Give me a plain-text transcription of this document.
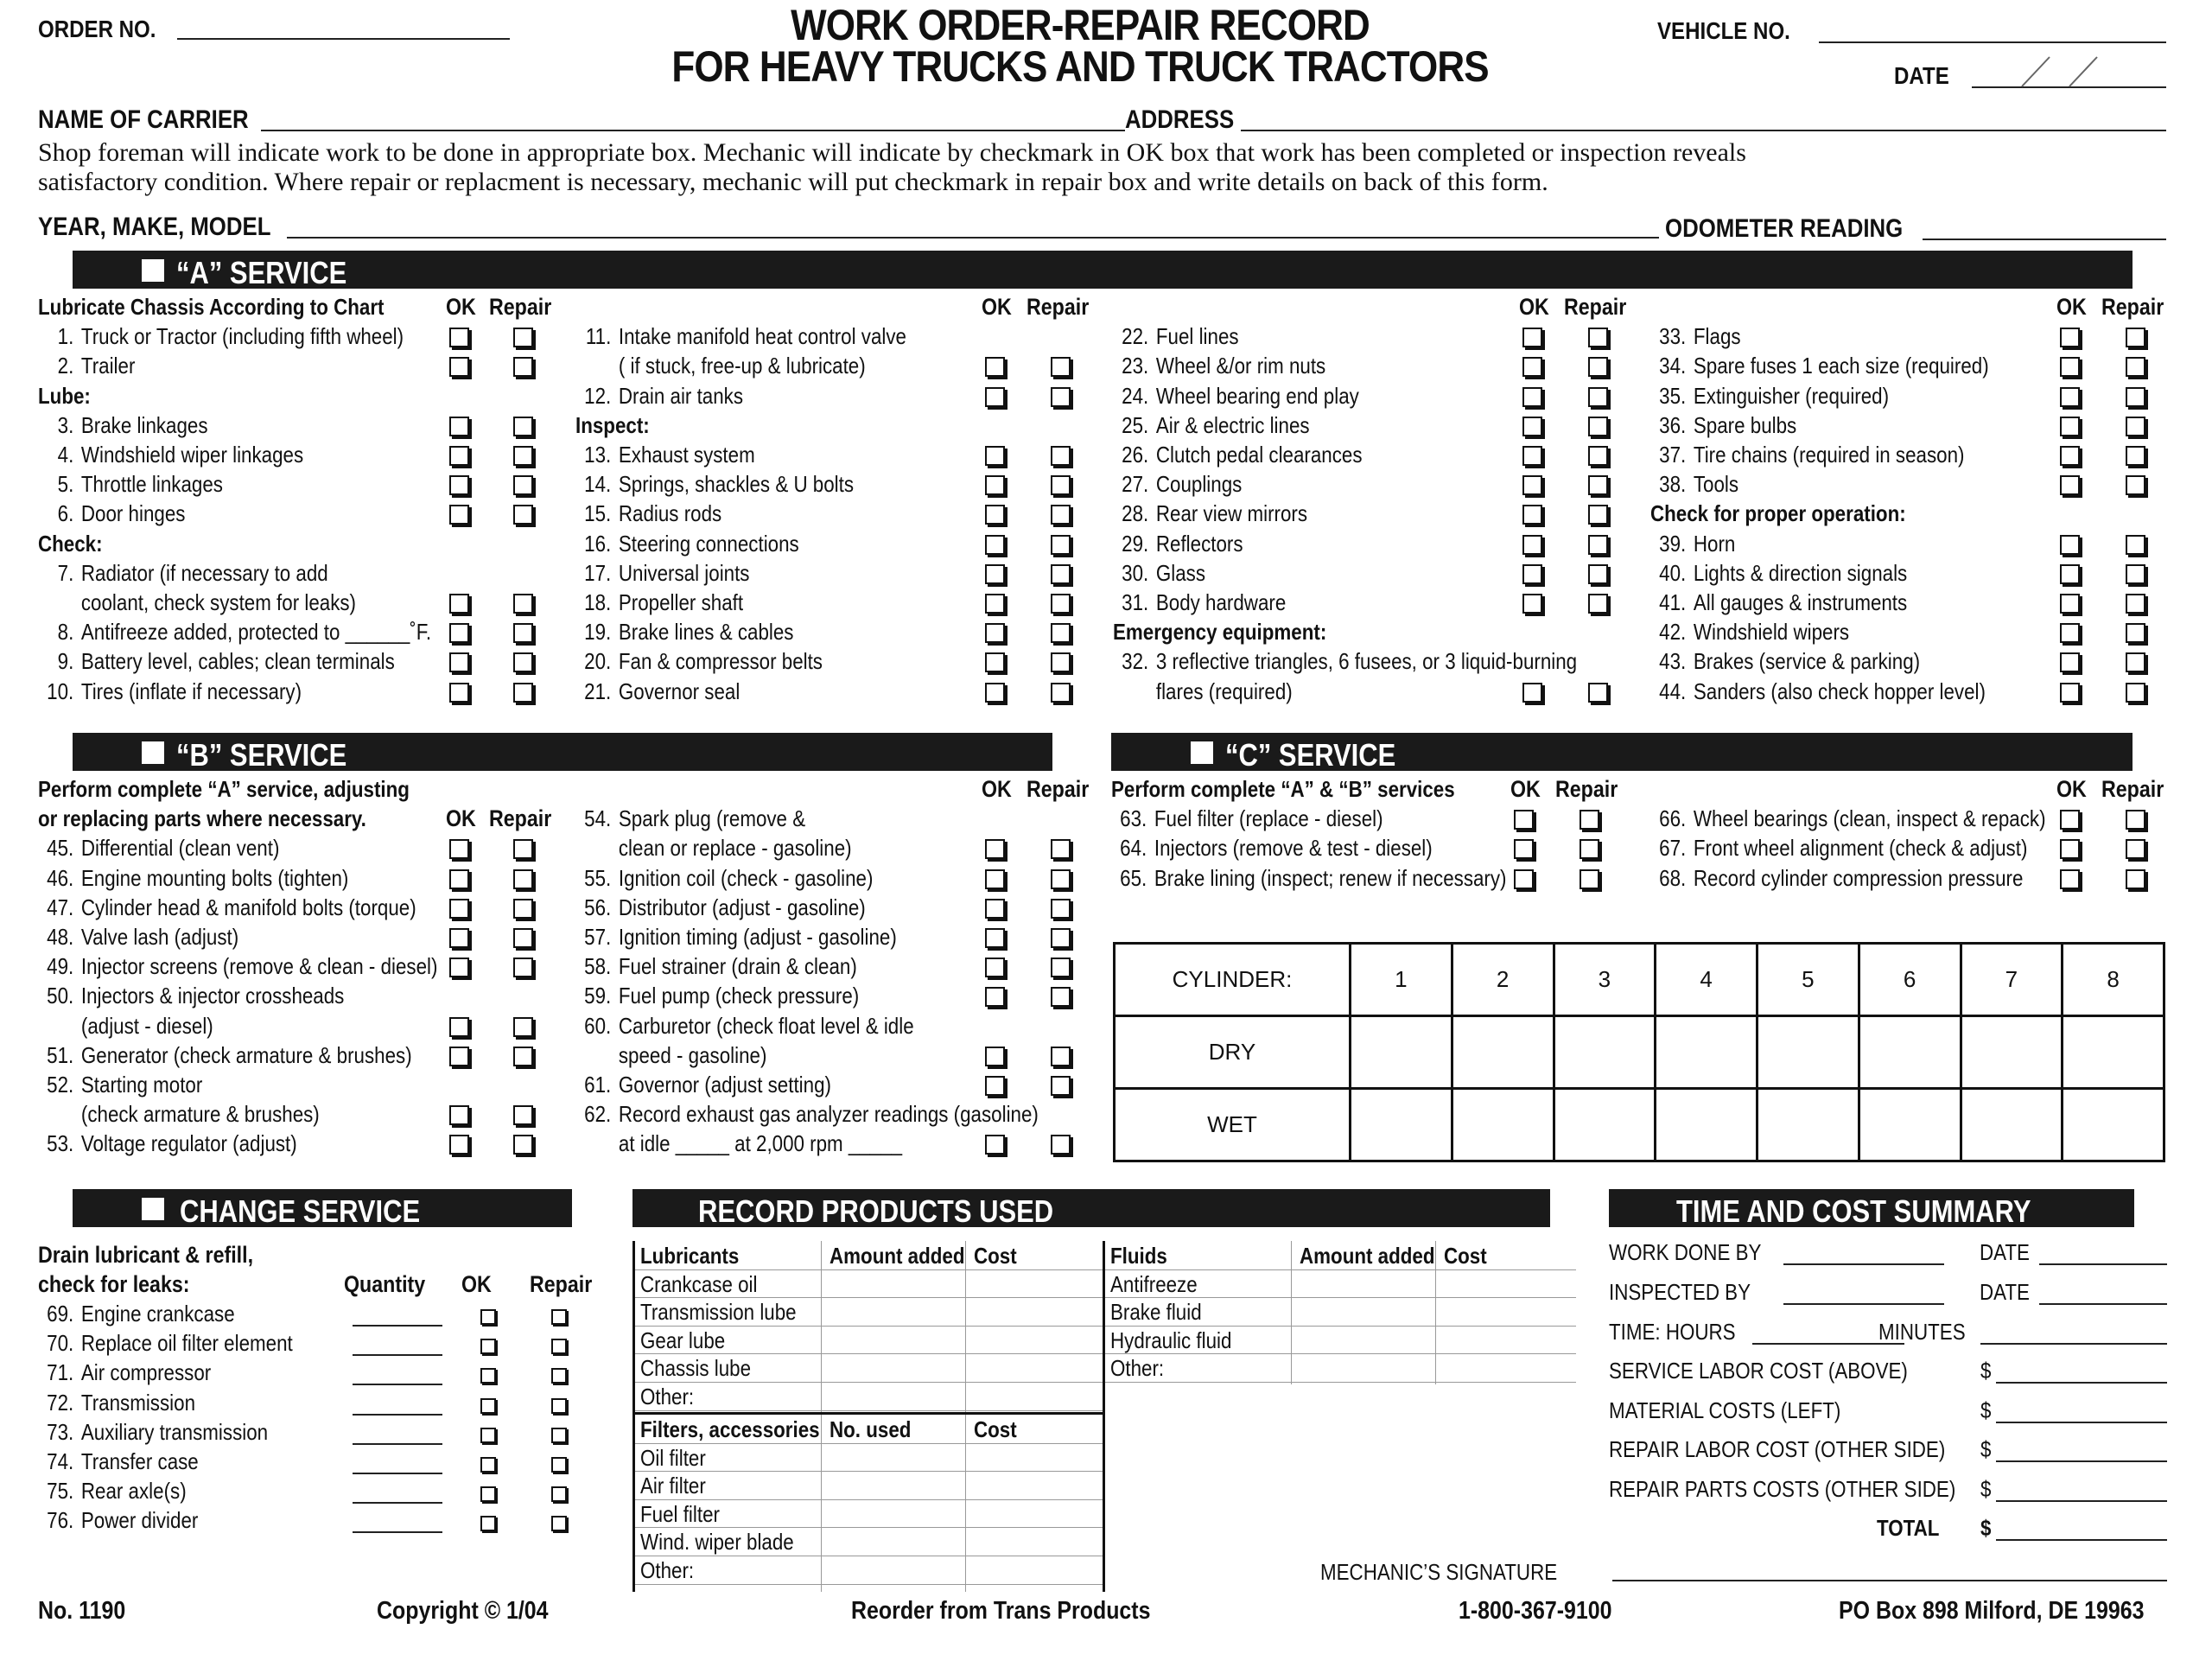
ORDER NO.	WORK ORDER-REPAIR RECORD
FOR HEAVY TRUCKS AND TRUCK TRACTORS
VEHICLE NO.
DATE
NAME OF CARRIER	ADDRESS
Shop foreman will indicate work to be done in appropriate box. Mechanic will indicate by checkmark in OK box that work has been completed or inspection reveals
satisfactory condition. Where repair or replacment is necessary, mechanic will put checkmark in repair box and write details on back of this form.
YEAR, MAKE, MODEL	ODOMETER READING
“A” SERVICE
Lubricate Chassis According to Chart	OK Repair
1. Truck or Tractor (including fifth wheel)
2. Trailer
Lube:
3. Brake linkages
4. Windshield wiper linkages
5. Throttle linkages
6. Door hinges
Check:
7. Radiator (if necessary to add
coolant, check system for leaks)
8. Antifreeze added, protected to ______˚F.
9. Battery level, cables; clean terminals
10. Tires (inflate if necessary)
OK Repair
11. Intake manifold heat control valve
( if stuck, free-up & lubricate)
12. Drain air tanks
Inspect:
13. Exhaust system
14. Springs, shackles & U bolts
15. Radius rods
16. Steering connections
17. Universal joints
18. Propeller shaft
19. Brake lines & cables
20. Fan & compressor belts
21. Governor seal
OK Repair
22. Fuel lines
23. Wheel &/or rim nuts
24. Wheel bearing end play
25. Air & electric lines
26. Clutch pedal clearances
27. Couplings
28. Rear view mirrors
29. Reflectors
30. Glass
31. Body hardware
Emergency equipment:
32. 3 reflective triangles, 6 fusees, or 3 liquid-burning
flares (required)
OK Repair
33. Flags
34. Spare fuses 1 each size (required)
35. Extinguisher (required)
36. Spare bulbs
37. Tire chains (required in season)
38. Tools
Check for proper operation:
39. Horn
40. Lights & direction signals
41. All gauges & instruments
42. Windshield wipers
43. Brakes (service & parking)
44. Sanders (also check hopper level)
“B” SERVICE
Perform complete “A” service, adjusting
or replacing parts where necessary.	OK Repair
45. Differential (clean vent)
46. Engine mounting bolts (tighten)
47. Cylinder head & manifold bolts (torque)
48. Valve lash (adjust)
49. Injector screens (remove & clean - diesel)
50. Injectors & injector crossheads
(adjust - diesel)
51. Generator (check armature & brushes)
52. Starting motor
(check armature & brushes)
53. Voltage regulator (adjust)
OK Repair
54. Spark plug (remove &
clean or replace - gasoline)
55. Ignition coil (check - gasoline)
56. Distributor (adjust - gasoline)
57. Ignition timing (adjust - gasoline)
58. Fuel strainer (drain & clean)
59. Fuel pump (check pressure)
60. Carburetor (check float level & idle
speed - gasoline)
61. Governor (adjust setting)
62. Record exhaust gas analyzer readings (gasoline)
at idle _____ at 2,000 rpm _____
“C” SERVICE
Perform complete “A” & “B” services OK Repair
63. Fuel filter (replace - diesel)
64. Injectors (remove & test - diesel)
65. Brake lining (inspect; renew if necessary)
OK Repair
66. Wheel bearings (clean, inspect & repack)
67. Front wheel alignment (check & adjust)
68. Record cylinder compression pressure
CYLINDER:	1	2	3	4	5	6	7	8
DRY								
WET								
CHANGE SERVICE
Drain lubricant & refill,
check for leaks:	Quantity OK Repair
69. Engine crankcase
70. Replace oil filter element
71. Air compressor
72. Transmission
73. Auxiliary transmission
74. Transfer case
75. Rear axle(s)
76. Power divider
RECORD PRODUCTS USED
Lubricants	Amount added Cost
Crankcase oil
Transmission lube
Gear lube
Chassis lube
Other:
Filters, accessories No. used	Cost
Oil filter
Air filter
Fuel filter
Wind. wiper blade
Other:
Fluids	Amount added Cost
Antifreeze
Brake fluid
Hydraulic fluid
Other:
TIME AND COST SUMMARY
WORK DONE BY	DATE
INSPECTED BY	DATE
TIME: HOURS	MINUTES
SERVICE LABOR COST (ABOVE)	$
MATERIAL COSTS (LEFT)	$
REPAIR LABOR COST (OTHER SIDE) $
REPAIR PARTS COSTS (OTHER SIDE) $
TOTAL $
MECHANIC’S SIGNATURE
No. 1190	Copyright © 1/04	Reorder from Trans Products	1-800-367-9100	PO Box 898 Milford, DE 19963
